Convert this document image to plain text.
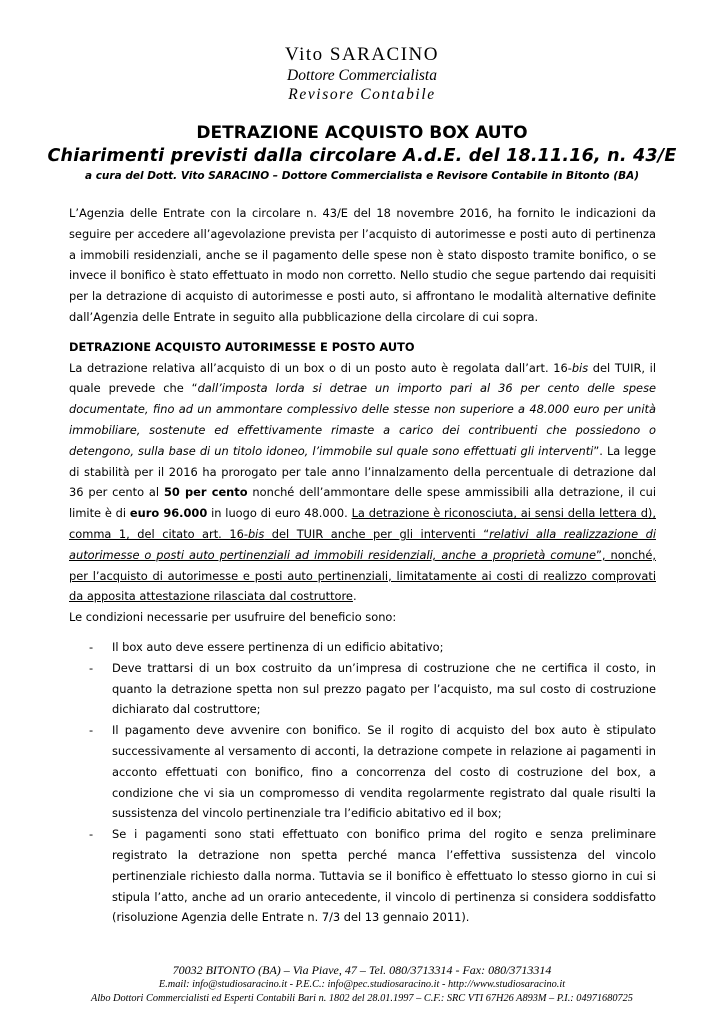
Vito SARACINO
Dottore Commercialista
Revisore Contabile
DETRAZIONE ACQUISTO BOX AUTO
Chiarimenti previsti dalla circolare A.d.E. del 18.11.16, n. 43/E
a cura del Dott. Vito SARACINO – Dottore Commercialista e Revisore Contabile in Bitonto (BA)

L’Agenzia delle Entrate con la circolare n. 43/E del 18 novembre 2016, ha fornito le indicazioni da seguire per accedere all’agevolazione prevista per l’acquisto di autorimesse e posti auto di pertinenza a immobili residenziali, anche se il pagamento delle spese non è stato disposto tramite bonifico, o se invece il bonifico è stato effettuato in modo non corretto. Nello studio che segue partendo dai requisiti per la detrazione di acquisto di autorimesse e posti auto, si affrontano le modalità alternative definite dall’Agenzia delle Entrate in seguito alla pubblicazione della circolare di cui sopra.

DETRAZIONE ACQUISTO AUTORIMESSE E POSTO AUTO

La detrazione relativa all’acquisto di un box o di un posto auto è regolata dall’art. 16-bis del TUIR, il quale prevede che “dall’imposta lorda si detrae un importo pari al 36 per cento delle spese documentate, fino ad un ammontare complessivo delle stesse non superiore a 48.000 euro per unità immobiliare, sostenute ed effettivamente rimaste a carico dei contribuenti che possiedono o detengono, sulla base di un titolo idoneo, l’immobile sul quale sono effettuati gli interventi”. La legge di stabilità per il 2016 ha prorogato per tale anno l’innalzamento della percentuale di detrazione dal 36 per cento al 50 per cento nonché dell’ammontare delle spese ammissibili alla detrazione, il cui limite è di euro 96.000 in luogo di euro 48.000. La detrazione è riconosciuta, ai sensi della lettera d), comma 1, del citato art. 16-bis del TUIR anche per gli interventi “relativi alla realizzazione di autorimesse o posti auto pertinenziali ad immobili residenziali, anche a proprietà comune”, nonché, per l’acquisto di autorimesse e posti auto pertinenziali, limitatamente ai costi di realizzo comprovati da apposita attestazione rilasciata dal costruttore.

Le condizioni necessarie per usufruire del beneficio sono:

- Il box auto deve essere pertinenza di un edificio abitativo;
- Deve trattarsi di un box costruito da un’impresa di costruzione che ne certifica il costo, in quanto la detrazione spetta non sul prezzo pagato per l’acquisto, ma sul costo di costruzione dichiarato dal costruttore;
- Il pagamento deve avvenire con bonifico. Se il rogito di acquisto del box auto è stipulato successivamente al versamento di acconti, la detrazione compete in relazione ai pagamenti in acconto effettuati con bonifico, fino a concorrenza del costo di costruzione del box, a condizione che vi sia un compromesso di vendita regolarmente registrato dal quale risulti la sussistenza del vincolo pertinenziale tra l’edificio abitativo ed il box;
- Se i pagamenti sono stati effettuato con bonifico prima del rogito e senza preliminare registrato la detrazione non spetta perché manca l’effettiva sussistenza del vincolo pertinenziale richiesto dalla norma. Tuttavia se il bonifico è effettuato lo stesso giorno in cui si stipula l’atto, anche ad un orario antecedente, il vincolo di pertinenza si considera soddisfatto (risoluzione Agenzia delle Entrate n. 7/3 del 13 gennaio 2011).
70032 BITONTO (BA) – Via Piave, 47 – Tel. 080/3713314 - Fax: 080/3713314
E.mail: info@studiosaracino.it - P.E.C.: info@pec.studiosaracino.it - http://www.studiosaracino.it
Albo Dottori Commercialisti ed Esperti Contabili Bari n. 1802 del 28.01.1997 – C.F.: SRC VTI 67H26 A893M – P.I.: 04971680725
